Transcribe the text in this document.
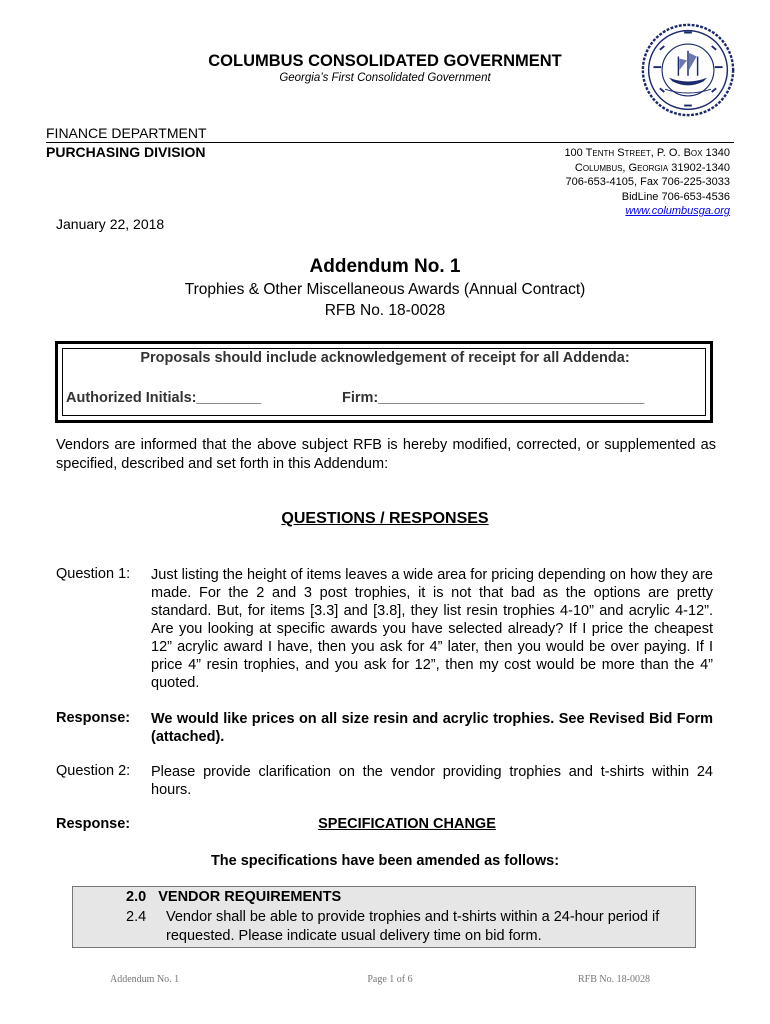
COLUMBUS CONSOLIDATED GOVERNMENT
Georgia’s First Consolidated Government
FINANCE DEPARTMENT
PURCHASING DIVISION	100 Tenth Street, P. O. Box 1340
Columbus, Georgia 31902-1340
706-653-4105, Fax 706-225-3033
BidLine 706-653-4536
www.columbusga.org
January 22, 2018
Addendum No. 1
Trophies & Other Miscellaneous Awards (Annual Contract)
RFB No. 18-0028
Proposals should include acknowledgement of receipt for all Addenda:
Authorized Initials:________	Firm:_________________________________
Vendors are informed that the above subject RFB is hereby modified, corrected, or supplemented as specified, described and set forth in this Addendum:
QUESTIONS / RESPONSES
Question 1: Just listing the height of items leaves a wide area for pricing depending on how they are made. For the 2 and 3 post trophies, it is not that bad as the options are pretty standard. But, for items [3.3] and [3.8], they list resin trophies 4-10” and acrylic 4-12”. Are you looking at specific awards you have selected already? If I price the cheapest 12” acrylic award I have, then you ask for 4” later, then you would be over paying. If I price 4” resin trophies, and you ask for 12”, then my cost would be more than the 4” quoted.
Response: We would like prices on all size resin and acrylic trophies. See Revised Bid Form (attached).
Question 2: Please provide clarification on the vendor providing trophies and t-shirts within 24 hours.
Response:	SPECIFICATION CHANGE
The specifications have been amended as follows:
2.0   VENDOR REQUIREMENTS
2.4 Vendor shall be able to provide trophies and t-shirts within a 24-hour period if requested. Please indicate usual delivery time on bid form.
Addendum No. 1	Page 1 of 6	RFB No. 18-0028
